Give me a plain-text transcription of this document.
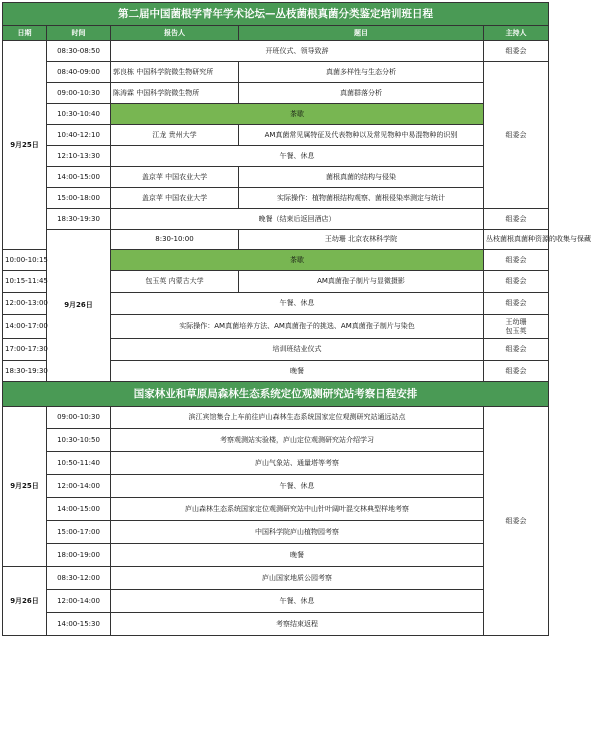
第二届中国菌根学青年学术论坛—丛枝菌根真菌分类鉴定培训班日程					
日期	时间	报告人	题目	主持人	
9月25日	08:30-08:50	开班仪式、领导致辞		组委会	
	08:40-09:00	郭良栋 中国科学院微生物研究所	真菌多样性与生态分析	组委会	
	09:00-10:30	陈涛霖 中国科学院微生物所	真菌群落分析		
	10:30-10:40	茶歇			
	10:40-12:10	江龙 贵州大学	AM真菌常见属特征及代表物种以及常见物种中易混物种的识别		
	12:10-13:30	午餐、休息			
	14:00-15:00	盖京苹 中国农业大学	菌根真菌的结构与侵染		
	15:00-18:00	盖京苹 中国农业大学	实际操作：植物菌根结构观察、菌根侵染率测定与统计		
	18:30-19:30	晚餐（结束后返回酒店）		组委会	
	9月26日	8:30-10:00	王幼珊 北京农林科学院	丛枝菌根真菌种资源的收集与保藏	
10:00-10:15		茶歇		组委会	
10:15-11:45		包玉英 内蒙古大学	AM真菌孢子制片与显微摄影	组委会	
12:00-13:00		午餐、休息		组委会	
14:00-17:00		实际操作：AM真菌培养方法、AM真菌孢子的挑选、AM真菌孢子制片与染色		王幼珊
包玉英	

17:00-17:30		培训班结业仪式		组委会	
18:30-19:30		晚餐		组委会	
国家林业和草原局森林生态系统定位观测研究站考察日程安排					
9月25日	09:00-10:30	滨江宾馆集合上车前往庐山森林生态系统国家定位观测研究站通远站点		组委会	
	10:30-10:50	考察观测站实验楼，庐山定位观测研究站介绍学习			
	10:50-11:40	庐山气象站、通量塔等考察			
	12:00-14:00	午餐、休息			
	14:00-15:00	庐山森林生态系统国家定位观测研究站中山针叶阔叶混交林典型样地考察			
	15:00-17:00	中国科学院庐山植物园考察			
	18:00-19:00	晚餐			
9月26日	08:30-12:00	庐山国家地质公园考察			
	12:00-14:00	午餐、休息			
	14:00-15:30	考察结束返程			
